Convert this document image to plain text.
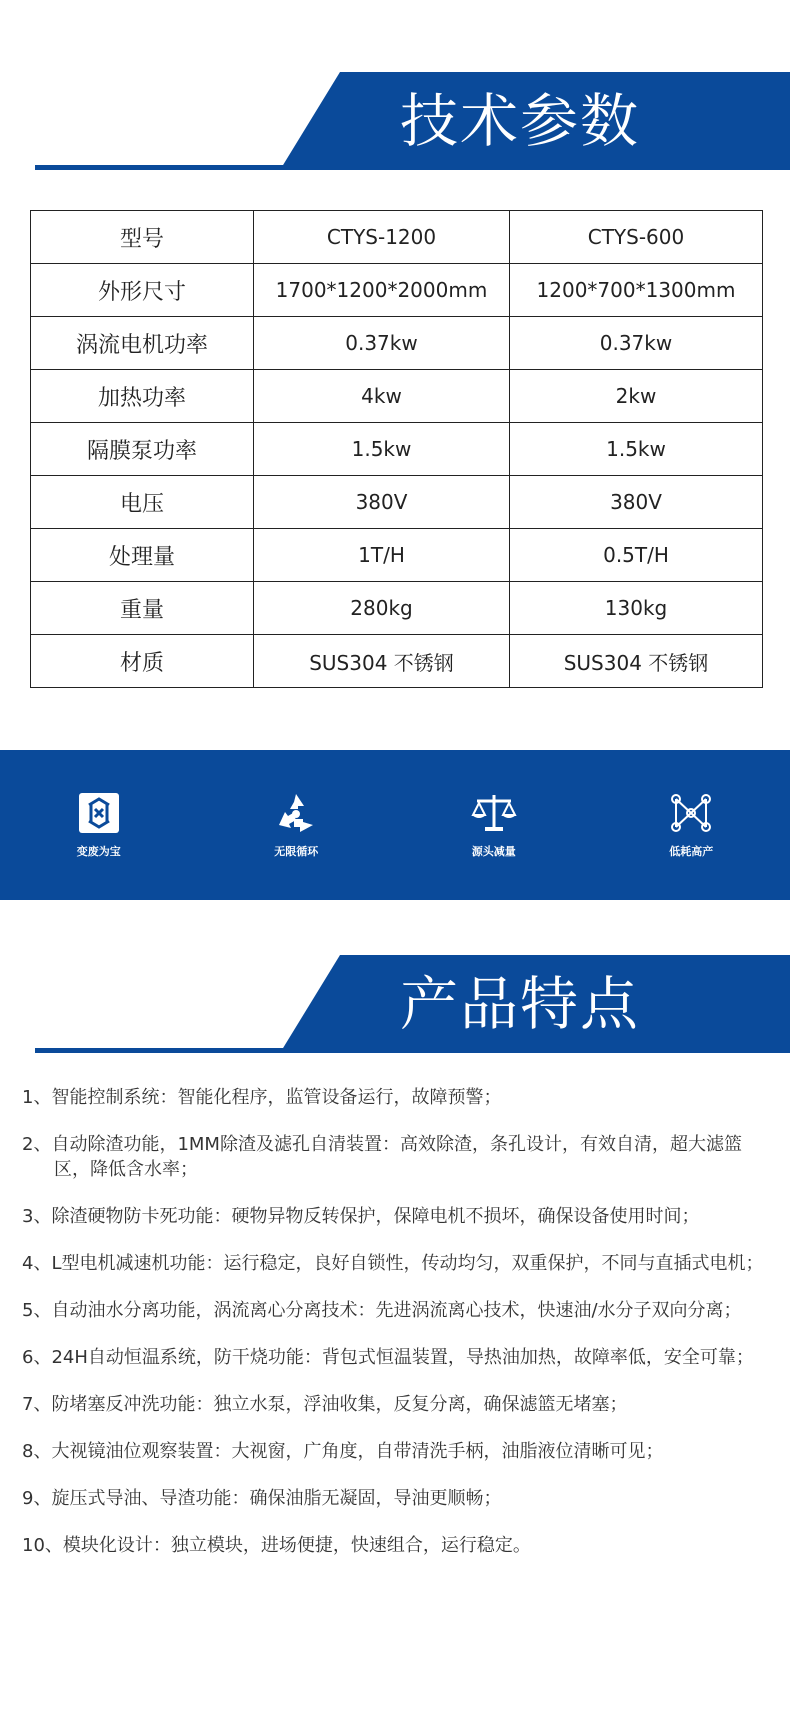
技术参数
型号	CTYS-1200	CTYS-600
外形尺寸	1700*1200*2000mm	1200*700*1300mm
涡流电机功率	0.37kw	0.37kw
加热功率	4kw	2kw
隔膜泵功率	1.5kw	1.5kw
电压	380V	380V
处理量	1T/H	0.5T/H
重量	280kg	130kg
材质	SUS304 不锈钢	SUS304 不锈钢
变废为宝	无限循环	源头减量	低耗高产
产品特点
1、智能控制系统：智能化程序，监管设备运行，故障预警；
2、自动除渣功能，1MM除渣及滤孔自清装置：高效除渣，条孔设计，有效自清，超大滤篮区，降低含水率；
3、除渣硬物防卡死功能：硬物异物反转保护，保障电机不损坏，确保设备使用时间；
4、L型电机减速机功能：运行稳定，良好自锁性，传动均匀，双重保护，不同与直插式电机；
5、自动油水分离功能，涡流离心分离技术：先进涡流离心技术，快速油/水分子双向分离；
6、24H自动恒温系统，防干烧功能：背包式恒温装置，导热油加热，故障率低，安全可靠；
7、防堵塞反冲洗功能：独立水泵，浮油收集，反复分离，确保滤篮无堵塞；
8、大视镜油位观察装置：大视窗，广角度，自带清洗手柄，油脂液位清晰可见；
9、旋压式导油、导渣功能：确保油脂无凝固，导油更顺畅；
10、模块化设计：独立模块，进场便捷，快速组合，运行稳定。
